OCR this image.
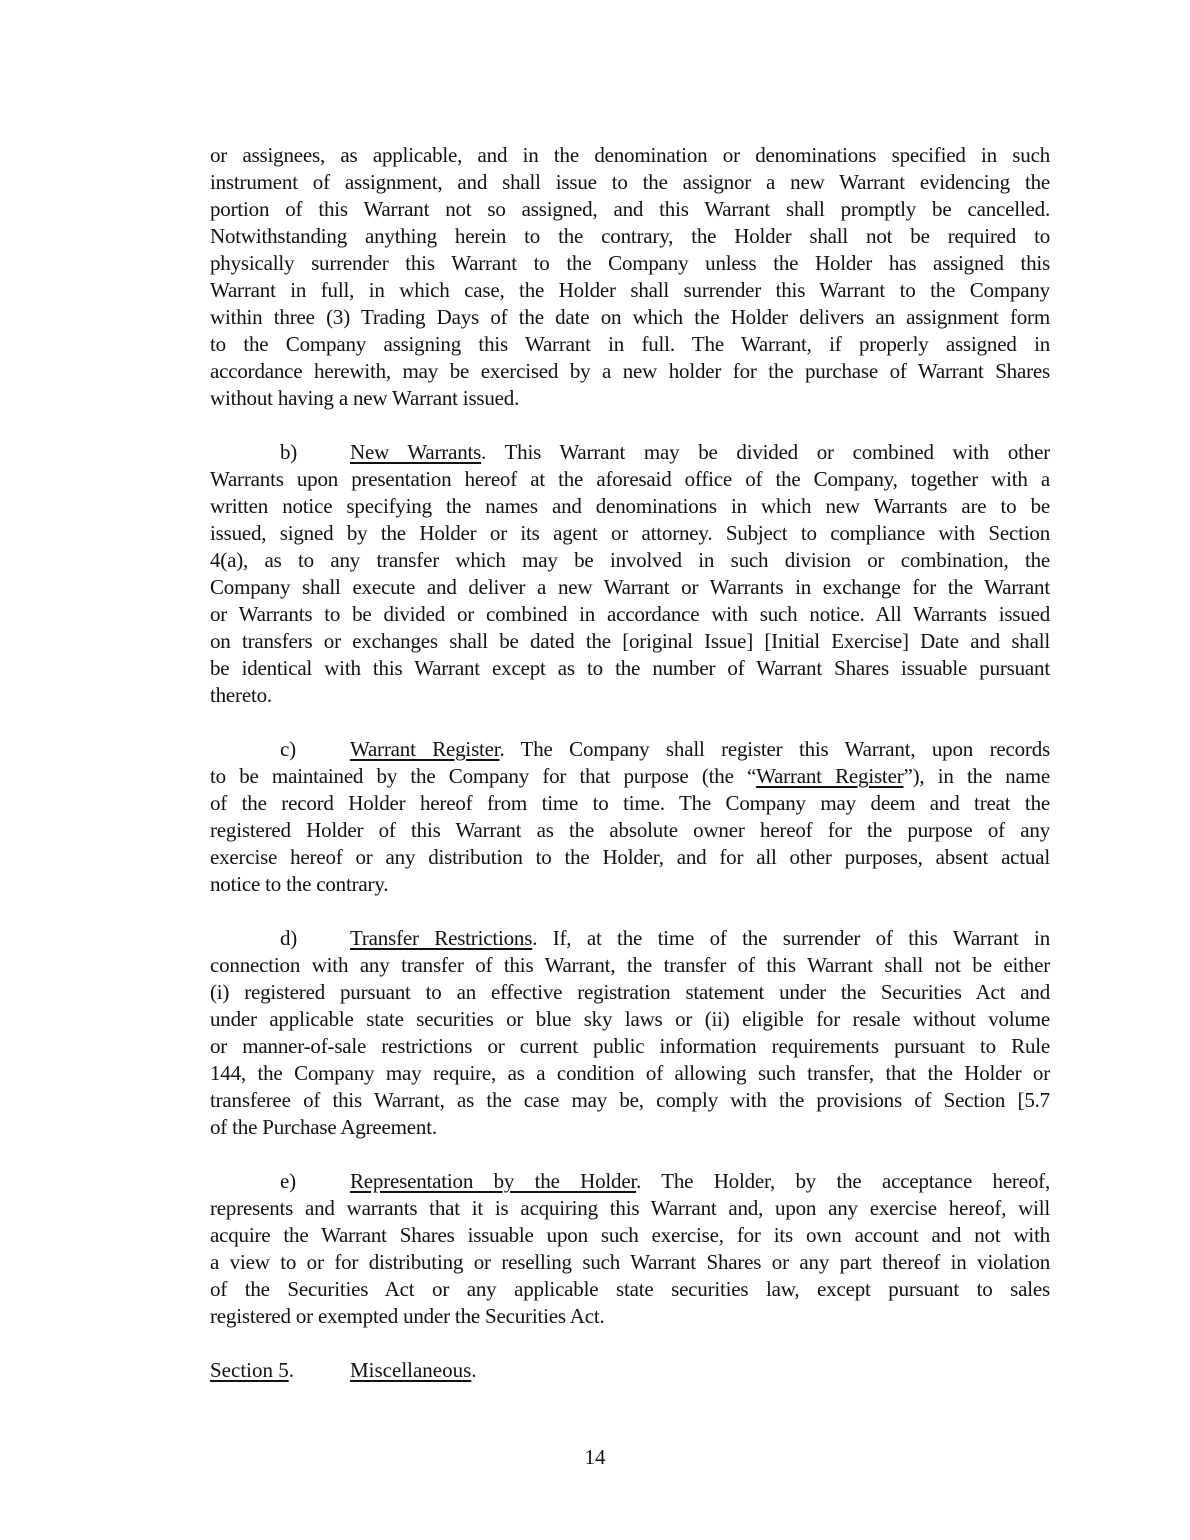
or assignees, as applicable, and in the denomination or denominations specified in such
instrument of assignment, and shall issue to the assignor a new Warrant evidencing the
portion of this Warrant not so assigned, and this Warrant shall promptly be cancelled.
Notwithstanding anything herein to the contrary, the Holder shall not be required to
physically surrender this Warrant to the Company unless the Holder has assigned this
Warrant in full, in which case, the Holder shall surrender this Warrant to the Company
within three (3) Trading Days of the date on which the Holder delivers an assignment form
to the Company assigning this Warrant in full. The Warrant, if properly assigned in
accordance herewith, may be exercised by a new holder for the purchase of Warrant Shares
without having a new Warrant issued.
b)	New Warrants. This Warrant may be divided or combined with other
Warrants upon presentation hereof at the aforesaid office of the Company, together with a
written notice specifying the names and denominations in which new Warrants are to be
issued, signed by the Holder or its agent or attorney. Subject to compliance with Section
4(a), as to any transfer which may be involved in such division or combination, the
Company shall execute and deliver a new Warrant or Warrants in exchange for the Warrant
or Warrants to be divided or combined in accordance with such notice. All Warrants issued
on transfers or exchanges shall be dated the [original Issue] [Initial Exercise] Date and shall
be identical with this Warrant except as to the number of Warrant Shares issuable pursuant
thereto.
c)	Warrant Register. The Company shall register this Warrant, upon records
to be maintained by the Company for that purpose (the “Warrant Register”), in the name
of the record Holder hereof from time to time. The Company may deem and treat the
registered Holder of this Warrant as the absolute owner hereof for the purpose of any
exercise hereof or any distribution to the Holder, and for all other purposes, absent actual
notice to the contrary.
d)	Transfer Restrictions. If, at the time of the surrender of this Warrant in
connection with any transfer of this Warrant, the transfer of this Warrant shall not be either
(i) registered pursuant to an effective registration statement under the Securities Act and
under applicable state securities or blue sky laws or (ii) eligible for resale without volume
or manner-of-sale restrictions or current public information requirements pursuant to Rule
144, the Company may require, as a condition of allowing such transfer, that the Holder or
transferee of this Warrant, as the case may be, comply with the provisions of Section [5.7
of the Purchase Agreement.
e)	Representation by the Holder. The Holder, by the acceptance hereof,
represents and warrants that it is acquiring this Warrant and, upon any exercise hereof, will
acquire the Warrant Shares issuable upon such exercise, for its own account and not with
a view to or for distributing or reselling such Warrant Shares or any part thereof in violation
of the Securities Act or any applicable state securities law, except pursuant to sales
registered or exempted under the Securities Act.
Section 5.	Miscellaneous.
14
